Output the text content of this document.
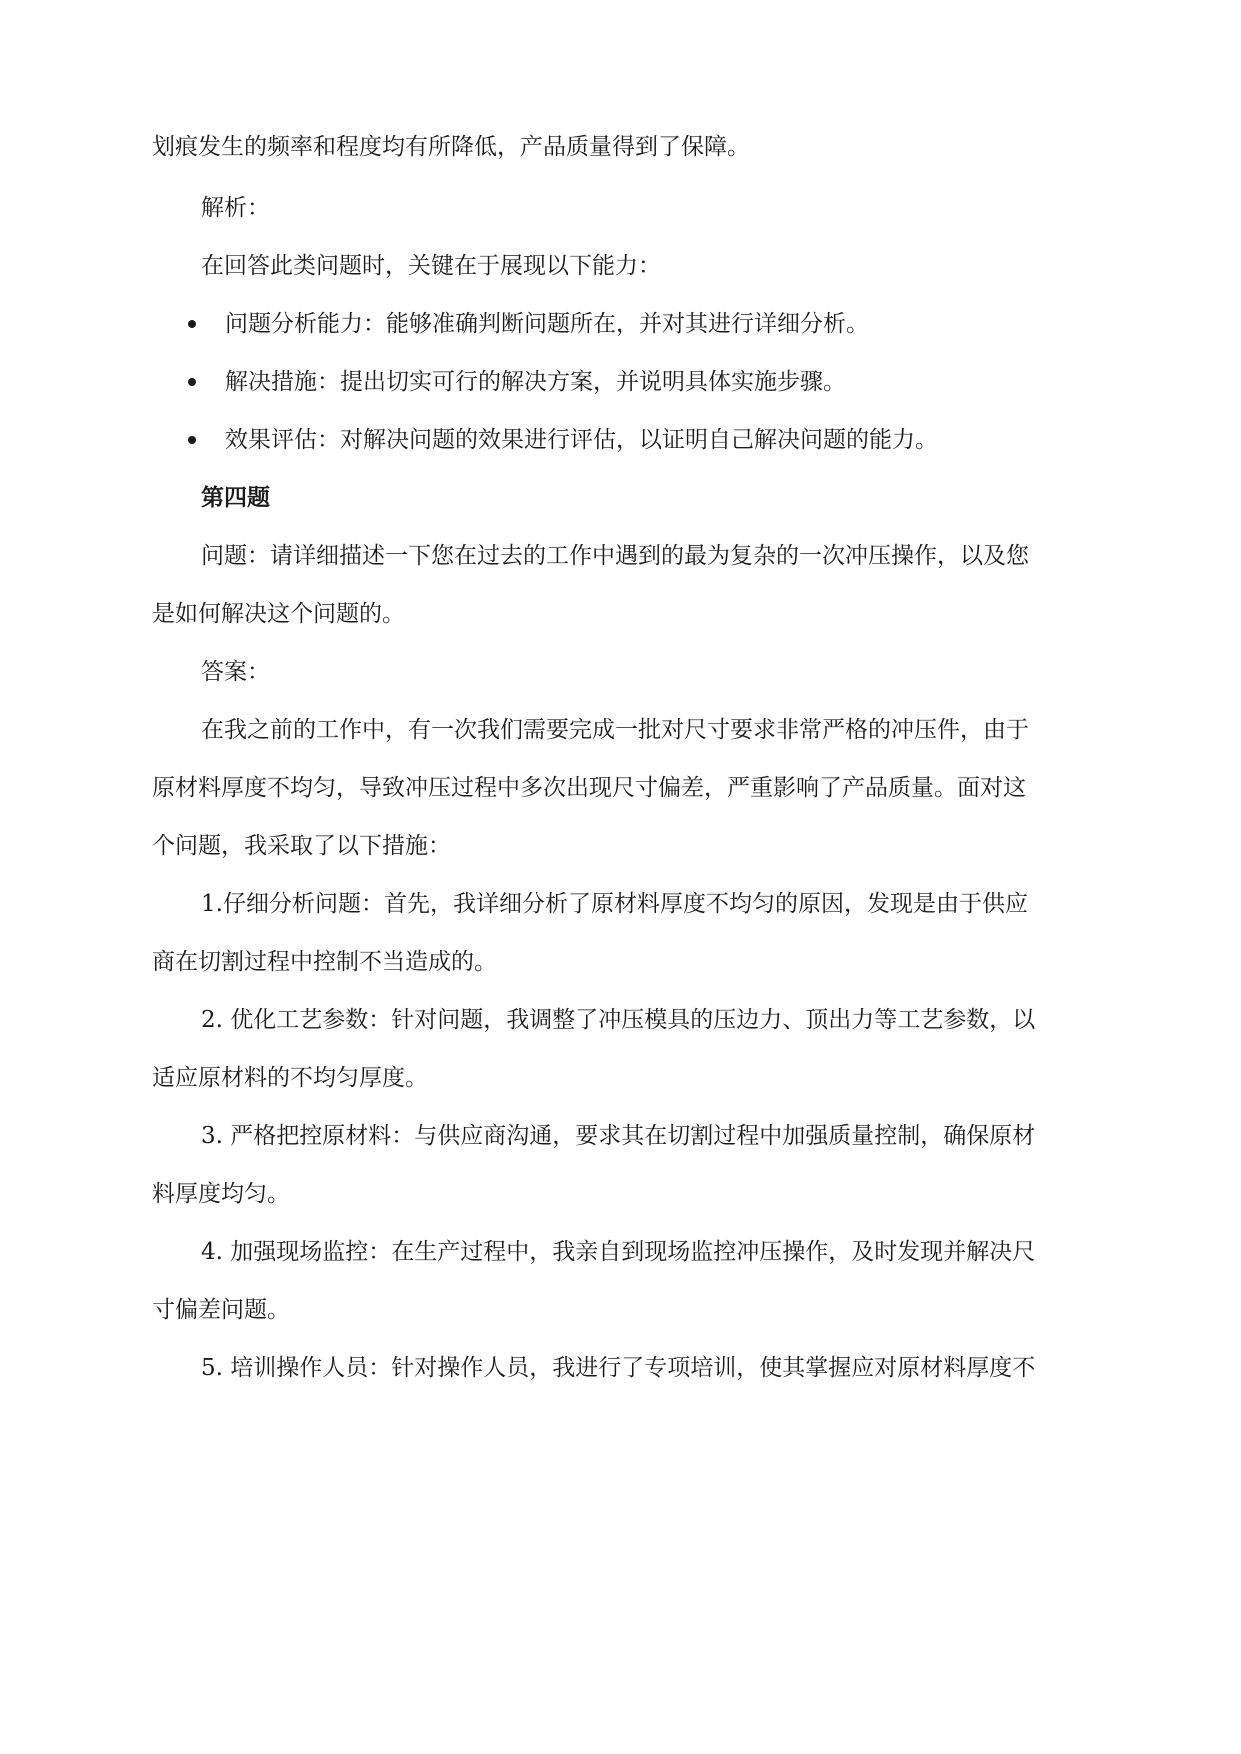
划痕发生的频率和程度均有所降低，产品质量得到了保障。
解析：
在回答此类问题时，关键在于展现以下能力：
问题分析能力：能够准确判断问题所在，并对其进行详细分析。
解决措施：提出切实可行的解决方案，并说明具体实施步骤。
效果评估：对解决问题的效果进行评估，以证明自己解决问题的能力。
第四题
问题：请详细描述一下您在过去的工作中遇到的最为复杂的一次冲压操作，以及您
是如何解决这个问题的。
答案：
在我之前的工作中，有一次我们需要完成一批对尺寸要求非常严格的冲压件，由于
原材料厚度不均匀，导致冲压过程中多次出现尺寸偏差，严重影响了产品质量。面对这
个问题，我采取了以下措施：
1.仔细分析问题：首先，我详细分析了原材料厚度不均匀的原因，发现是由于供应
商在切割过程中控制不当造成的。
2. 优化工艺参数：针对问题，我调整了冲压模具的压边力、顶出力等工艺参数，以
适应原材料的不均匀厚度。
3. 严格把控原材料：与供应商沟通，要求其在切割过程中加强质量控制，确保原材
料厚度均匀。
4. 加强现场监控：在生产过程中，我亲自到现场监控冲压操作，及时发现并解决尺
寸偏差问题。
5. 培训操作人员：针对操作人员，我进行了专项培训，使其掌握应对原材料厚度不
